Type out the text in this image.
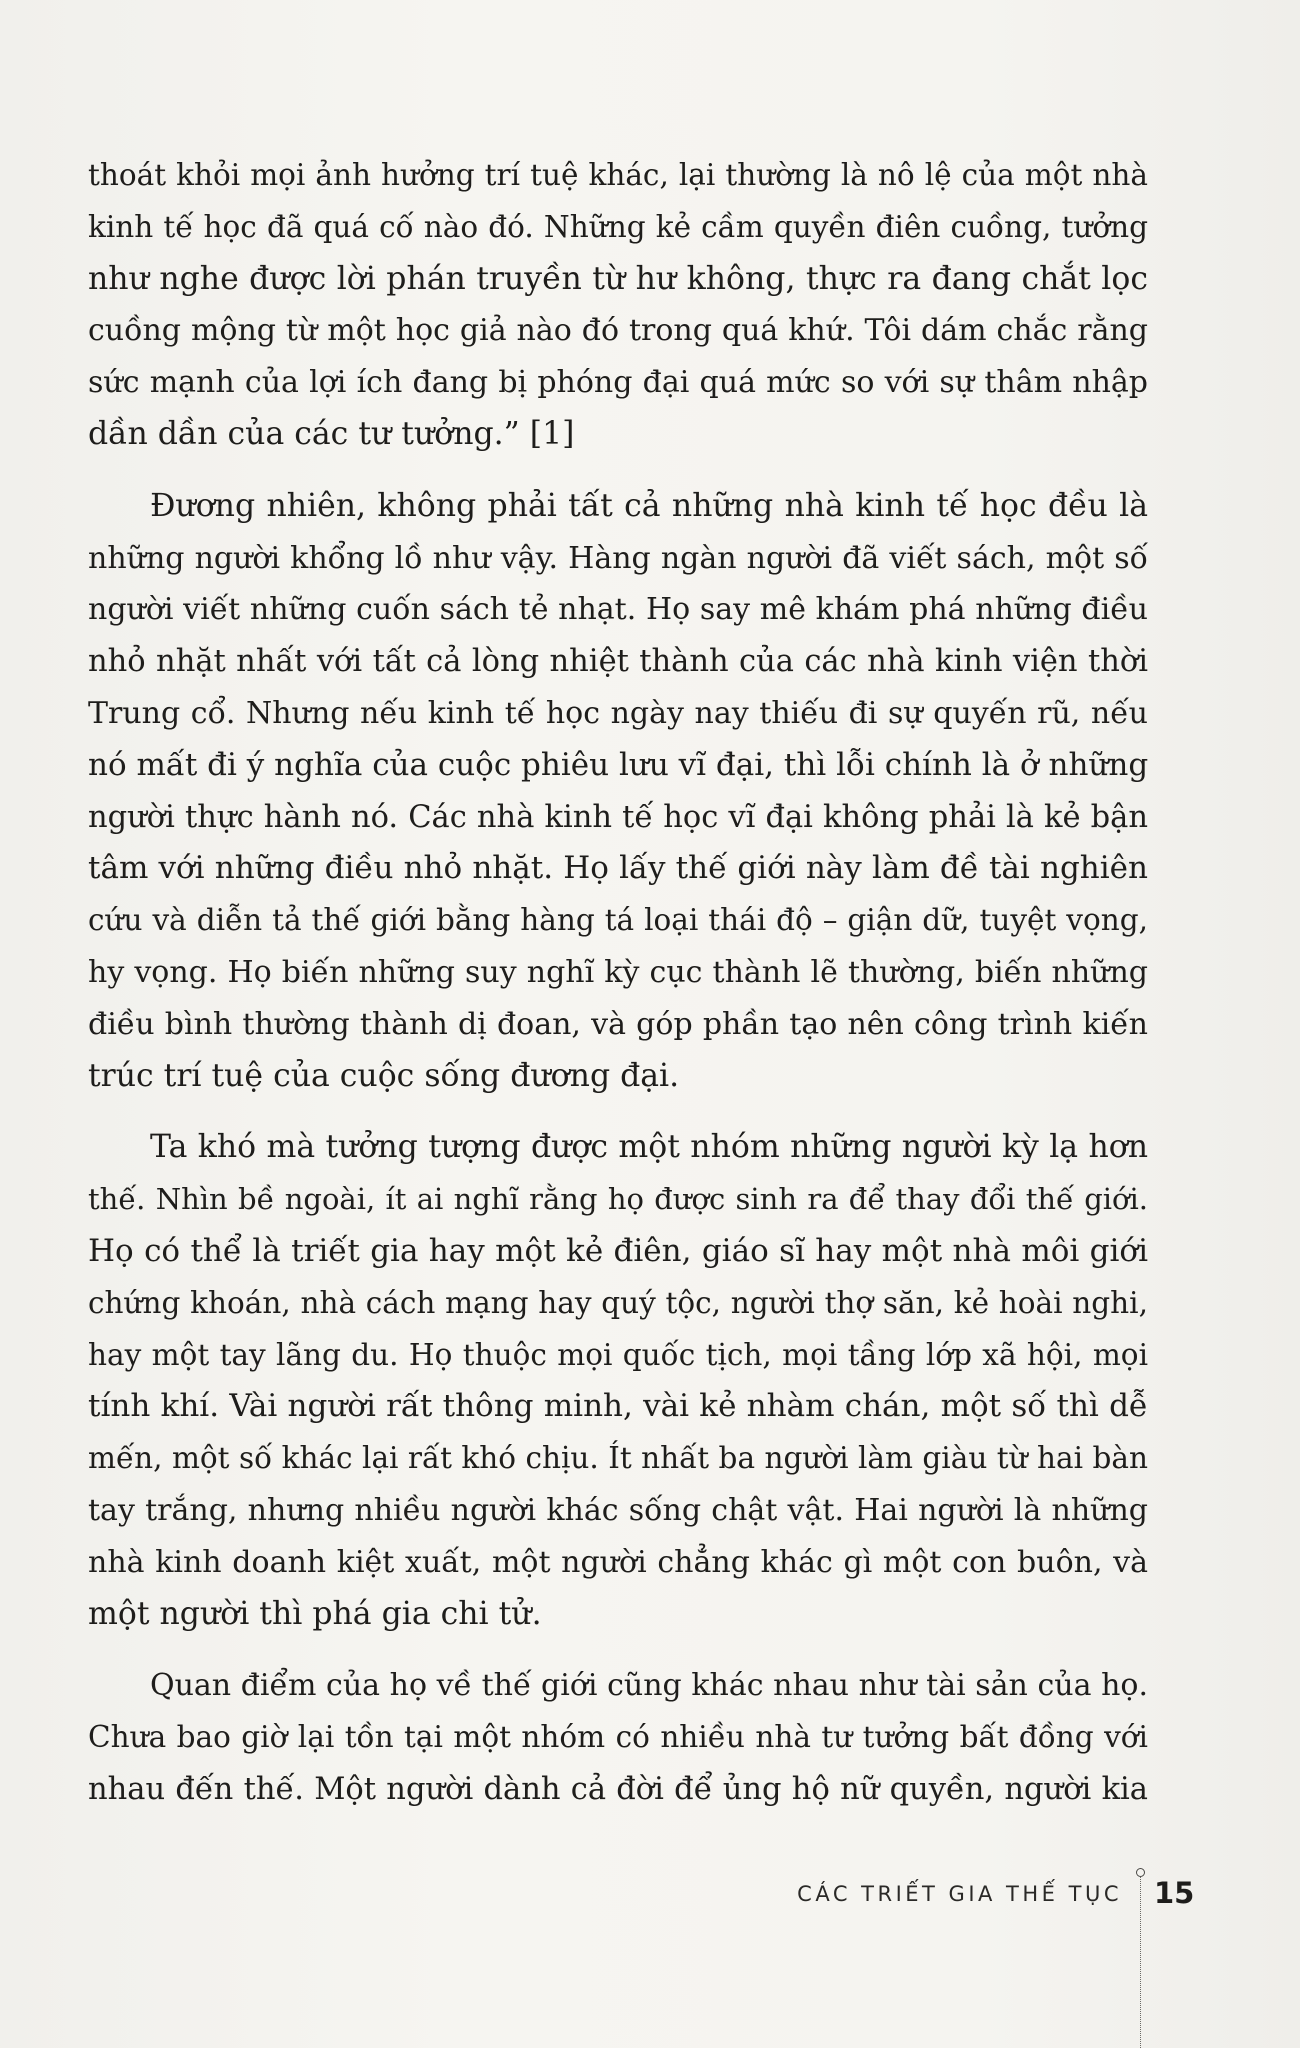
thoát khỏi mọi ảnh hưởng trí tuệ khác, lại thường là nô lệ của một nhà
kinh tế học đã quá cố nào đó. Những kẻ cầm quyền điên cuồng, tưởng
như nghe được lời phán truyền từ hư không, thực ra đang chắt lọc
cuồng mộng từ một học giả nào đó trong quá khứ. Tôi dám chắc rằng
sức mạnh của lợi ích đang bị phóng đại quá mức so với sự thâm nhập
dần dần của các tư tưởng.” [1]
Đương nhiên, không phải tất cả những nhà kinh tế học đều là
những người khổng lồ như vậy. Hàng ngàn người đã viết sách, một số
người viết những cuốn sách tẻ nhạt. Họ say mê khám phá những điều
nhỏ nhặt nhất với tất cả lòng nhiệt thành của các nhà kinh viện thời
Trung cổ. Nhưng nếu kinh tế học ngày nay thiếu đi sự quyến rũ, nếu
nó mất đi ý nghĩa của cuộc phiêu lưu vĩ đại, thì lỗi chính là ở những
người thực hành nó. Các nhà kinh tế học vĩ đại không phải là kẻ bận
tâm với những điều nhỏ nhặt. Họ lấy thế giới này làm đề tài nghiên
cứu và diễn tả thế giới bằng hàng tá loại thái độ – giận dữ, tuyệt vọng,
hy vọng. Họ biến những suy nghĩ kỳ cục thành lẽ thường, biến những
điều bình thường thành dị đoan, và góp phần tạo nên công trình kiến
trúc trí tuệ của cuộc sống đương đại.
Ta khó mà tưởng tượng được một nhóm những người kỳ lạ hơn
thế. Nhìn bề ngoài, ít ai nghĩ rằng họ được sinh ra để thay đổi thế giới.
Họ có thể là triết gia hay một kẻ điên, giáo sĩ hay một nhà môi giới
chứng khoán, nhà cách mạng hay quý tộc, người thợ săn, kẻ hoài nghi,
hay một tay lãng du. Họ thuộc mọi quốc tịch, mọi tầng lớp xã hội, mọi
tính khí. Vài người rất thông minh, vài kẻ nhàm chán, một số thì dễ
mến, một số khác lại rất khó chịu. Ít nhất ba người làm giàu từ hai bàn
tay trắng, nhưng nhiều người khác sống chật vật. Hai người là những
nhà kinh doanh kiệt xuất, một người chẳng khác gì một con buôn, và
một người thì phá gia chi tử.
Quan điểm của họ về thế giới cũng khác nhau như tài sản của họ.
Chưa bao giờ lại tồn tại một nhóm có nhiều nhà tư tưởng bất đồng với
nhau đến thế. Một người dành cả đời để ủng hộ nữ quyền, người kia
CÁC TRIẾT GIA THẾ TỤC 15
